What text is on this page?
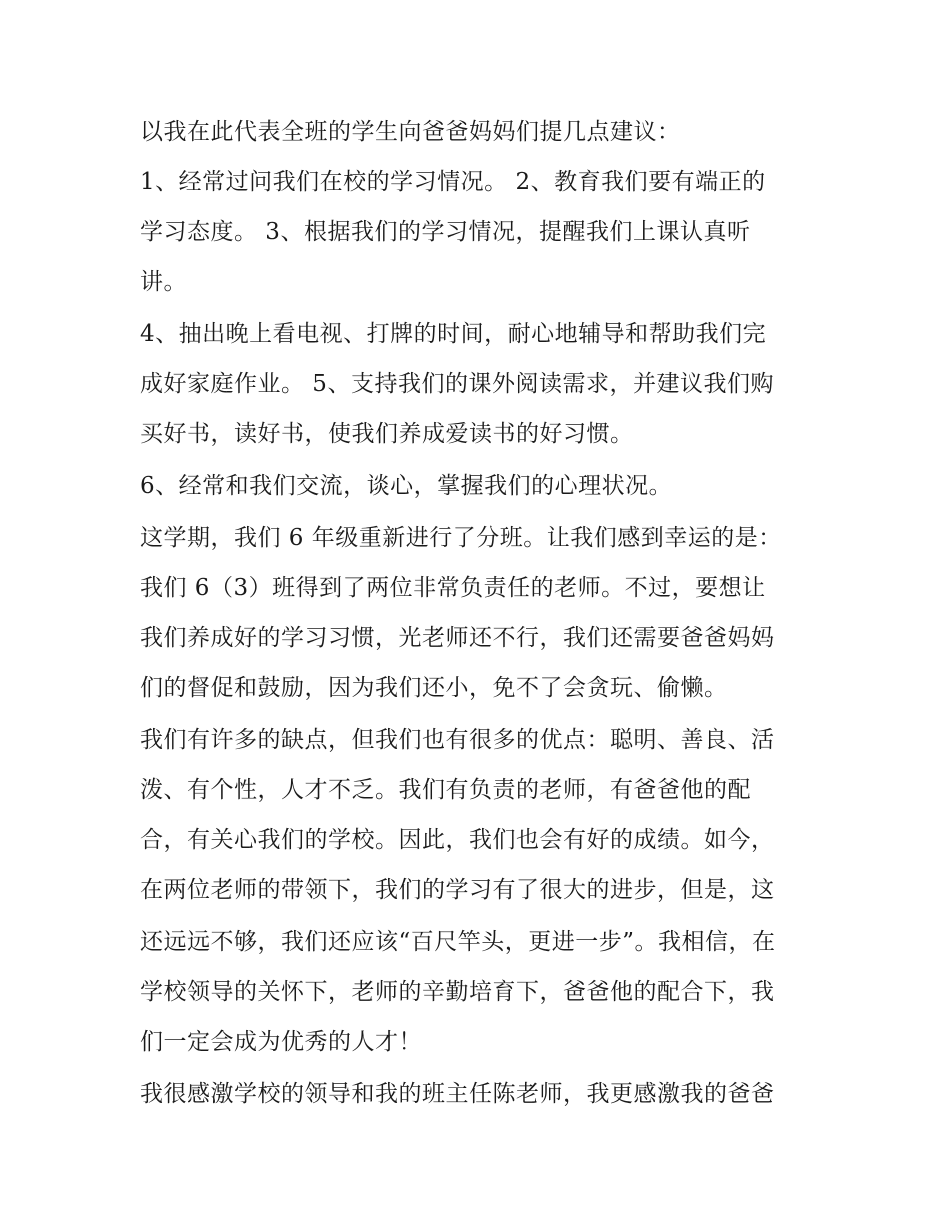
以我在此代表全班的学生向爸爸妈妈们提几点建议：
1、经常过问我们在校的学习情况。 2、教育我们要有端正的
学习态度。 3、根据我们的学习情况，提醒我们上课认真听
讲。
4、抽出晚上看电视、打牌的时间，耐心地辅导和帮助我们完
成好家庭作业。 5、支持我们的课外阅读需求，并建议我们购
买好书，读好书，使我们养成爱读书的好习惯。
6、经常和我们交流，谈心，掌握我们的心理状况。
这学期，我们 6 年级重新进行了分班。让我们感到幸运的是：
我们 6（3）班得到了两位非常负责任的老师。不过，要想让
我们养成好的学习习惯，光老师还不行，我们还需要爸爸妈妈
们的督促和鼓励，因为我们还小，免不了会贪玩、偷懒。
我们有许多的缺点，但我们也有很多的优点：聪明、善良、活
泼、有个性，人才不乏。我们有负责的老师，有爸爸他的配
合，有关心我们的学校。因此，我们也会有好的成绩。如今，
在两位老师的带领下，我们的学习有了很大的进步，但是，这
还远远不够，我们还应该“百尺竿头，更进一步”。我相信，在
学校领导的关怀下，老师的辛勤培育下，爸爸他的配合下，我
们一定会成为优秀的人才！
我很感激学校的领导和我的班主任陈老师，我更感激我的爸爸
